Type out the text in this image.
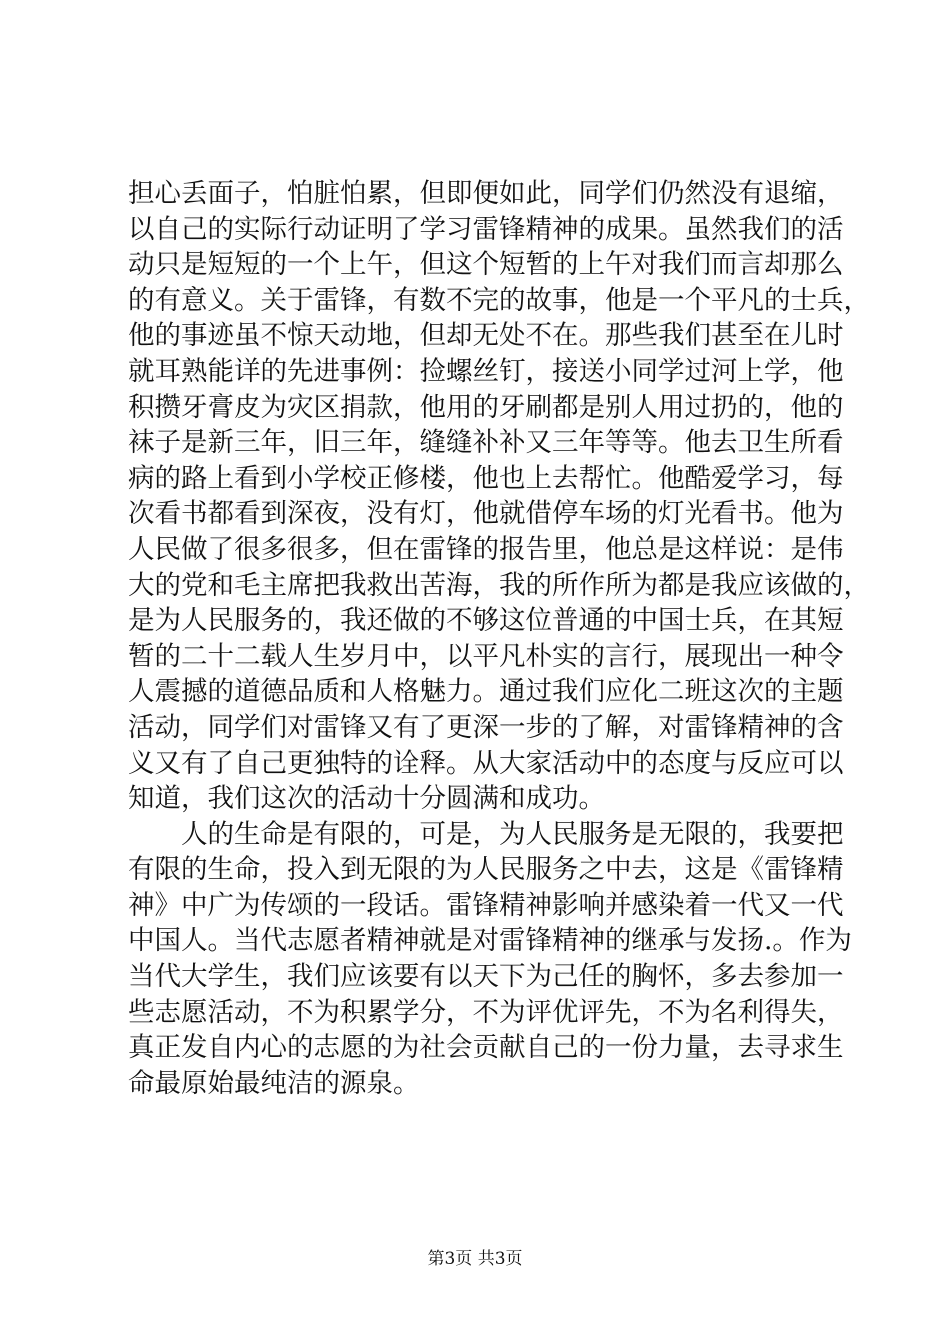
担心丢面子，怕脏怕累，但即便如此，同学们仍然没有退缩，
以自己的实际行动证明了学习雷锋精神的成果。虽然我们的活
动只是短短的一个上午，但这个短暂的上午对我们而言却那么
的有意义。关于雷锋，有数不完的故事，他是一个平凡的士兵，
他的事迹虽不惊天动地，但却无处不在。那些我们甚至在儿时
就耳熟能详的先进事例：捡螺丝钉，接送小同学过河上学，他
积攒牙膏皮为灾区捐款，他用的牙刷都是别人用过扔的，他的
袜子是新三年，旧三年，缝缝补补又三年等等。他去卫生所看
病的路上看到小学校正修楼，他也上去帮忙。他酷爱学习，每
次看书都看到深夜，没有灯，他就借停车场的灯光看书。他为
人民做了很多很多，但在雷锋的报告里，他总是这样说：是伟
大的党和毛主席把我救出苦海，我的所作所为都是我应该做的，
是为人民服务的，我还做的不够这位普通的中国士兵，在其短
暂的二十二载人生岁月中，以平凡朴实的言行，展现出一种令
人震撼的道德品质和人格魅力。通过我们应化二班这次的主题
活动，同学们对雷锋又有了更深一步的了解，对雷锋精神的含
义又有了自己更独特的诠释。从大家活动中的态度与反应可以
知道，我们这次的活动十分圆满和成功。
人的生命是有限的，可是，为人民服务是无限的，我要把
有限的生命，投入到无限的为人民服务之中去，这是《雷锋精
神》中广为传颂的一段话。雷锋精神影响并感染着一代又一代
中国人。当代志愿者精神就是对雷锋精神的继承与发扬.。作为
当代大学生，我们应该要有以天下为己任的胸怀，多去参加一
些志愿活动，不为积累学分，不为评优评先，不为名利得失，
真正发自内心的志愿的为社会贡献自己的一份力量，去寻求生
命最原始最纯洁的源泉。
第3页 共3页
